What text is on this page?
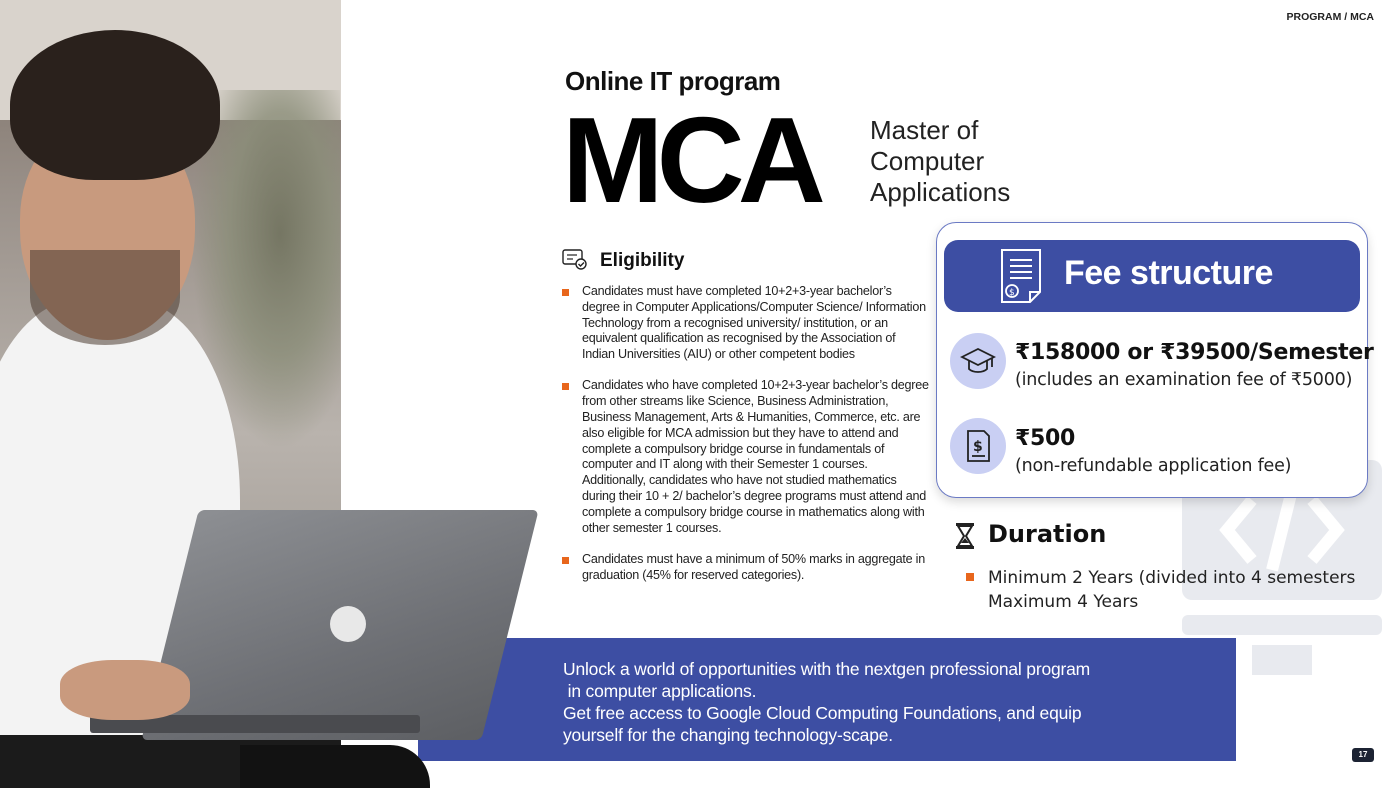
Unlock a world of opportunities with the nextgen professional program
in computer applications.
Get free access to Google Cloud Computing Foundations, and equip
yourself for the changing technology-scape.
PROGRAM / MCA
Online IT program
MCA Master of
Computer
Applications
Eligibility
Candidates must have completed 10+2+3-year bachelor’s degree in Computer Applications/Computer Science/ Information Technology from a recognised university/ institution, or an equivalent qualification as recognised by the Association of Indian Universities (AIU) or other competent bodies
Candidates who have completed 10+2+3-year bachelor’s degree from other streams like Science, Business Administration, Business Management, Arts & Humanities, Commerce, etc. are also eligible for MCA admission but they have to attend and complete a compulsory bridge course in fundamentals of computer and IT along with their Semester 1 courses. Additionally, candidates who have not studied mathematics during their 10 + 2/ bachelor’s degree programs must attend and complete a compulsory bridge course in mathematics along with other semester 1 courses.
Candidates must have a minimum of 50% marks in aggregate in graduation (45% for reserved categories).
$
Fee structure
₹158000 or ₹39500/Semester
(includes an examination fee of ₹5000)
$ ₹500
(non-refundable application fee)
Duration
Minimum 2 Years (divided into 4 semesters
Maximum 4 Years
17
